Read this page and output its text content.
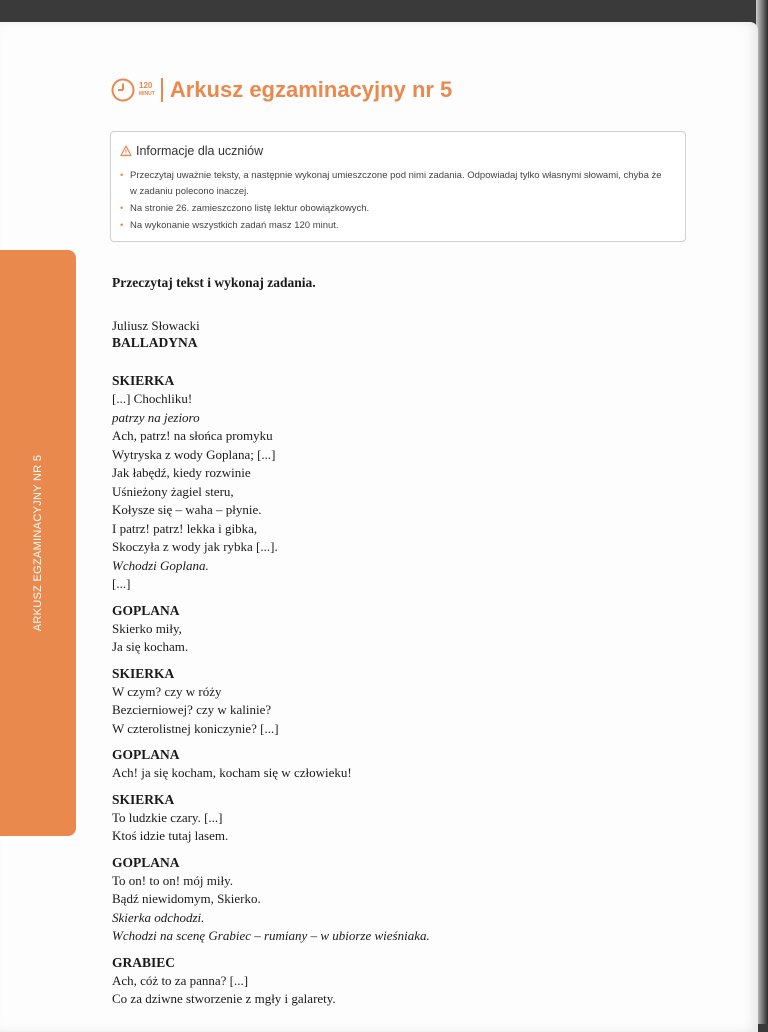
ARKUSZ EGZAMINACYJNY NR 5
120
MINUT Arkusz egzaminacyjny nr 5
Informacje dla uczniów
• Przeczytaj uważnie teksty, a następnie wykonaj umieszczone pod nimi zadania. Odpowiadaj tylko własnymi słowami, chyba że w zadaniu polecono inaczej.
• Na stronie 26. zamieszczono listę lektur obowiązkowych.
• Na wykonanie wszystkich zadań masz 120 minut.
Przeczytaj tekst i wykonaj zadania.
Juliusz Słowacki
BALLADYNA
SKIERKA
[...] Chochliku!
patrzy na jezioro
Ach, patrz! na słońca promyku
Wytryska z wody Goplana; [...]
Jak łabędź, kiedy rozwinie
Uśnieżony żagiel steru,
Kołysze się – waha – płynie.
I patrz! patrz! lekka i gibka,
Skoczyła z wody jak rybka [...].
Wchodzi Goplana.
[...]
GOPLANA
Skierko miły,
Ja się kocham.
SKIERKA
W czym? czy w róży
Bezcierniowej? czy w kalinie?
W czterolistnej koniczynie? [...]
GOPLANA
Ach! ja się kocham, kocham się w człowieku!
SKIERKA
To ludzkie czary. [...]
Ktoś idzie tutaj lasem.
GOPLANA
To on! to on! mój miły.
Bądź niewidomym, Skierko.
Skierka odchodzi.
Wchodzi na scenę Grabiec – rumiany – w ubiorze wieśniaka.
GRABIEC
Ach, cóż to za panna? [...]
Co za dziwne stworzenie z mgły i galarety.
